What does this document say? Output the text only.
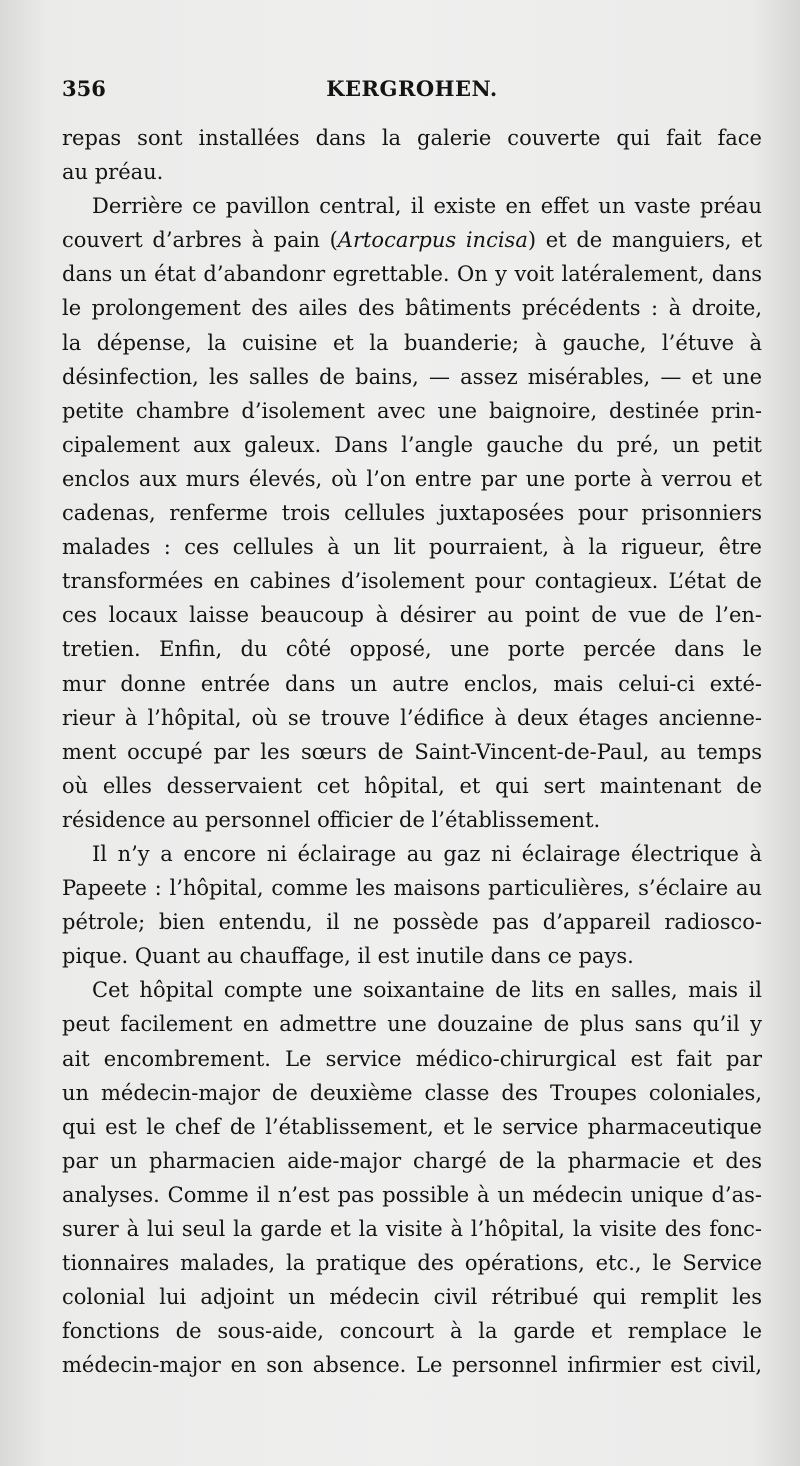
356	KERGROHEN.
repas sont installées dans la galerie couverte qui fait face
au préau.
Derrière ce pavillon central, il existe en effet un vaste préau
couvert d’arbres à pain (Artocarpus incisa) et de manguiers, et
dans un état d’abandonr egrettable. On y voit latéralement, dans
le prolongement des ailes des bâtiments précédents : à droite,
la dépense, la cuisine et la buanderie; à gauche, l’étuve à
désinfection, les salles de bains, — assez misérables, — et une
petite chambre d’isolement avec une baignoire, destinée prin-
cipalement aux galeux. Dans l’angle gauche du pré, un petit
enclos aux murs élevés, où l’on entre par une porte à verrou et
cadenas, renferme trois cellules juxtaposées pour prisonniers
malades : ces cellules à un lit pourraient, à la rigueur, être
transformées en cabines d’isolement pour contagieux. L’état de
ces locaux laisse beaucoup à désirer au point de vue de l’en-
tretien. Enfin, du côté opposé, une porte percée dans le
mur donne entrée dans un autre enclos, mais celui-ci exté-
rieur à l’hôpital, où se trouve l’édifice à deux étages ancienne-
ment occupé par les sœurs de Saint-Vincent-de-Paul, au temps
où elles desservaient cet hôpital, et qui sert maintenant de
résidence au personnel officier de l’établissement.
Il n’y a encore ni éclairage au gaz ni éclairage électrique à
Papeete : l’hôpital, comme les maisons particulières, s’éclaire au
pétrole; bien entendu, il ne possède pas d’appareil radiosco-
pique. Quant au chauffage, il est inutile dans ce pays.
Cet hôpital compte une soixantaine de lits en salles, mais il
peut facilement en admettre une douzaine de plus sans qu’il y
ait encombrement. Le service médico-chirurgical est fait par
un médecin-major de deuxième classe des Troupes coloniales,
qui est le chef de l’établissement, et le service pharmaceutique
par un pharmacien aide-major chargé de la pharmacie et des
analyses. Comme il n’est pas possible à un médecin unique d’as-
surer à lui seul la garde et la visite à l’hôpital, la visite des fonc-
tionnaires malades, la pratique des opérations, etc., le Service
colonial lui adjoint un médecin civil rétribué qui remplit les
fonctions de sous-aide, concourt à la garde et remplace le
médecin-major en son absence. Le personnel infirmier est civil,
